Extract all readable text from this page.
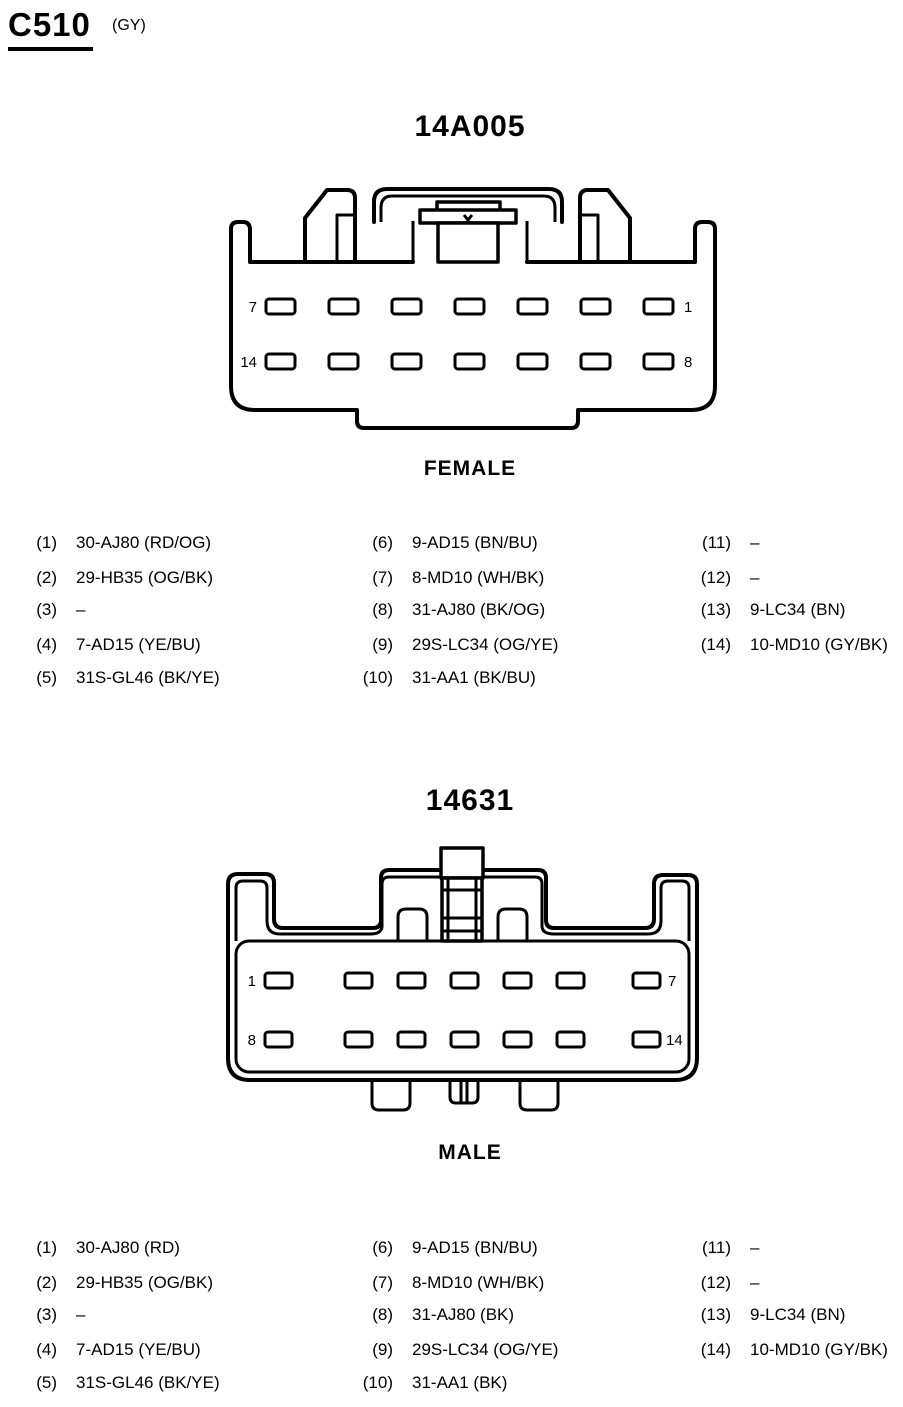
C510 (GY)
14A005
7	1
14	8
FEMALE
(1) 30-AJ80 (RD/OG)
(2) 29-HB35 (OG/BK)
(3) –
(4) 7-AD15 (YE/BU)
(5) 31S-GL46 (BK/YE)
(6) 9-AD15 (BN/BU)
(7) 8-MD10 (WH/BK)
(8) 31-AJ80 (BK/OG)
(9) 29S-LC34 (OG/YE)
(10) 31-AA1 (BK/BU)
(11) –
(12) –
(13) 9-LC34 (BN)
(14) 10-MD10 (GY/BK)
14631
1	7
8	14
MALE
(1) 30-AJ80 (RD)
(2) 29-HB35 (OG/BK)
(3) –
(4) 7-AD15 (YE/BU)
(5) 31S-GL46 (BK/YE)
(6) 9-AD15 (BN/BU)
(7) 8-MD10 (WH/BK)
(8) 31-AJ80 (BK)
(9) 29S-LC34 (OG/YE)
(10) 31-AA1 (BK)
(11) –
(12) –
(13) 9-LC34 (BN)
(14) 10-MD10 (GY/BK)
